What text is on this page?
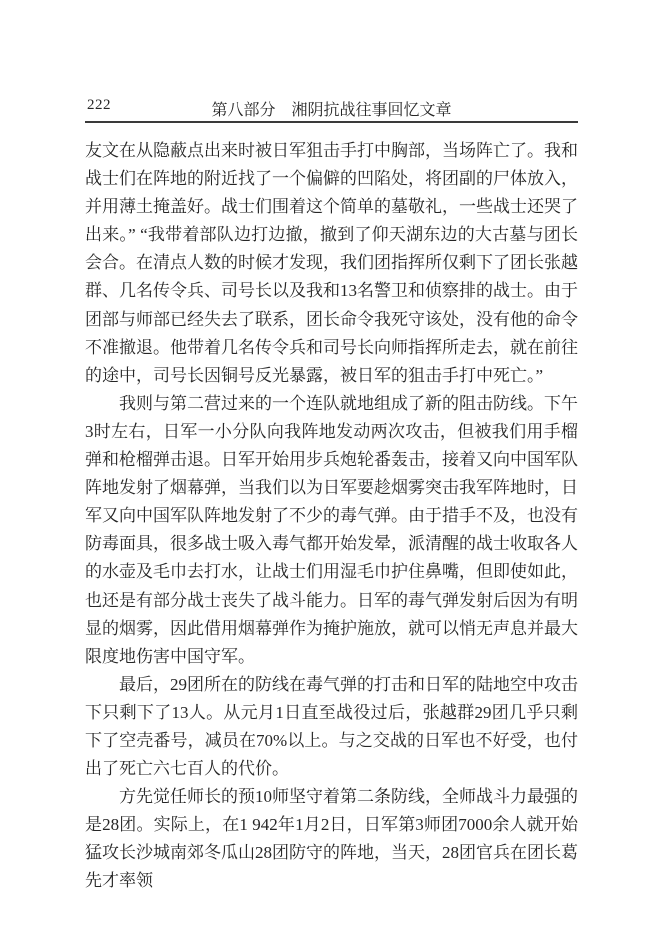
222	第八部分 湘阴抗战往事回忆文章

友文在从隐蔽点出来时被日军狙击手打中胸部，当场阵亡了。我和战士们在阵地的附近找了一个偏僻的凹陷处，将团副的尸体放入，并用薄土掩盖好。战士们围着这个简单的墓敬礼，一些战士还哭了出来。” “我带着部队边打边撤，撤到了仰天湖东边的大古墓与团长会合。在清点人数的时候才发现，我们团指挥所仅剩下了团长张越群、几名传令兵、司号长以及我和13名警卫和侦察排的战士。由于团部与师部已经失去了联系，团长命令我死守该处，没有他的命令不准撤退。他带着几名传令兵和司号长向师指挥所走去，就在前往的途中，司号长因铜号反光暴露，被日军的狙击手打中死亡。”

我则与第二营过来的一个连队就地组成了新的阻击防线。下午3时左右，日军一小分队向我阵地发动两次攻击，但被我们用手榴弹和枪榴弹击退。日军开始用步兵炮轮番轰击，接着又向中国军队阵地发射了烟幕弹，当我们以为日军要趁烟雾突击我军阵地时，日军又向中国军队阵地发射了不少的毒气弹。由于措手不及，也没有防毒面具，很多战士吸入毒气都开始发晕，派清醒的战士收取各人的水壶及毛巾去打水，让战士们用湿毛巾护住鼻嘴，但即使如此，也还是有部分战士丧失了战斗能力。日军的毒气弹发射后因为有明显的烟雾，因此借用烟幕弹作为掩护施放，就可以悄无声息并最大限度地伤害中国守军。

最后，29团所在的防线在毒气弹的打击和日军的陆地空中攻击下只剩下了13人。从元月1日直至战役过后，张越群29团几乎只剩下了空壳番号，减员在70%以上。与之交战的日军也不好受，也付出了死亡六七百人的代价。

方先觉任师长的预10师坚守着第二条防线，全师战斗力最强的是28团。实际上，在1 942年1月2日，日军第3师团7000余人就开始猛攻长沙城南郊冬瓜山28团防守的阵地，当天，28团官兵在团长葛先才率领
